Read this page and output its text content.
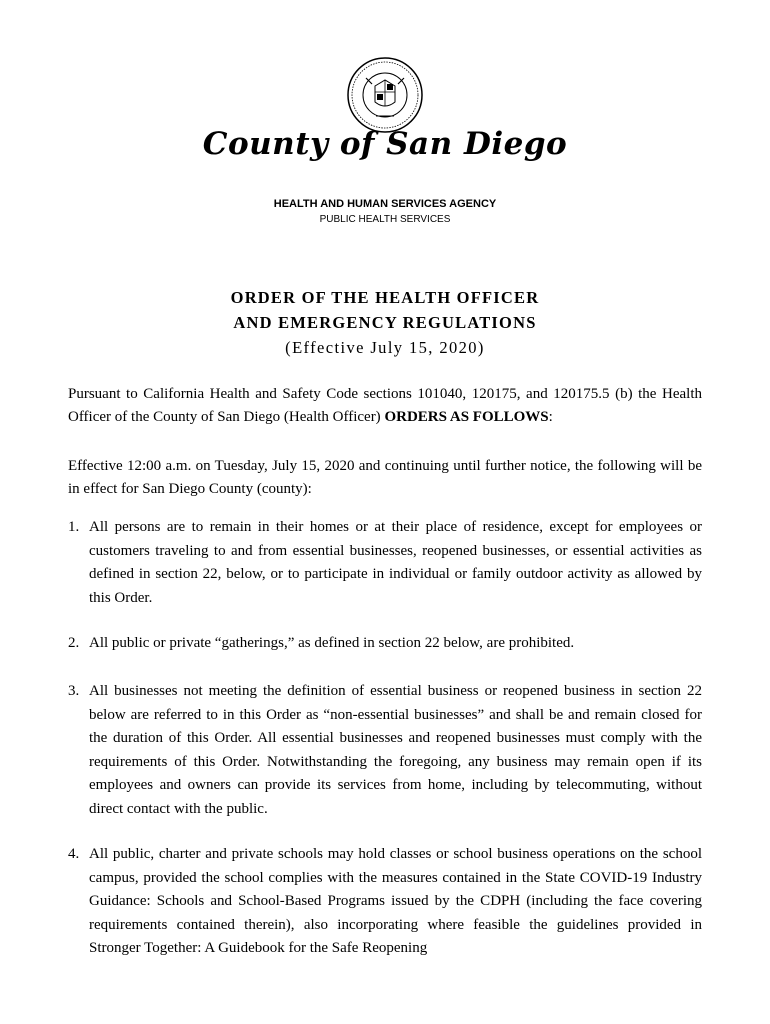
County of San Diego
HEALTH AND HUMAN SERVICES AGENCY
PUBLIC HEALTH SERVICES
ORDER OF THE HEALTH OFFICER
AND EMERGENCY REGULATIONS
(Effective July 15, 2020)
Pursuant to California Health and Safety Code sections 101040, 120175, and 120175.5 (b) the Health Officer of the County of San Diego (Health Officer) ORDERS AS FOLLOWS:
Effective 12:00 a.m. on Tuesday, July 15, 2020 and continuing until further notice, the following will be in effect for San Diego County (county):
1. All persons are to remain in their homes or at their place of residence, except for employees or customers traveling to and from essential businesses, reopened businesses, or essential activities as defined in section 22, below, or to participate in individual or family outdoor activity as allowed by this Order.
2. All public or private “gatherings,” as defined in section 22 below, are prohibited.
3. All businesses not meeting the definition of essential business or reopened business in section 22 below are referred to in this Order as “non-essential businesses” and shall be and remain closed for the duration of this Order. All essential businesses and reopened businesses must comply with the requirements of this Order. Notwithstanding the foregoing, any business may remain open if its employees and owners can provide its services from home, including by telecommuting, without direct contact with the public.
4. All public, charter and private schools may hold classes or school business operations on the school campus, provided the school complies with the measures contained in the State COVID-19 Industry Guidance: Schools and School-Based Programs issued by the CDPH (including the face covering requirements contained therein), also incorporating where feasible the guidelines provided in Stronger Together: A Guidebook for the Safe Reopening
